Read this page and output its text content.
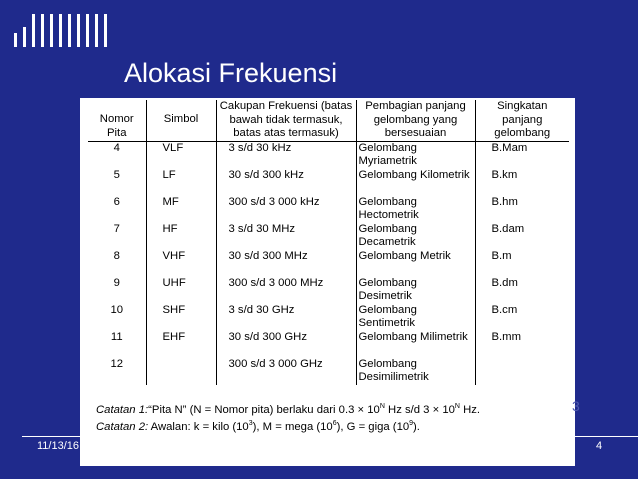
Alokasi Frekuensi
Nomor Pita	Simbol	Cakupan Frekuensi (batas bawah tidak termasuk, batas atas termasuk)	Pembagian panjang gelombang yang bersesuaian	Singkatan panjang gelombang
4	VLF	3 s/d 30 kHz	Gelombang Myriametrik	B.Mam
5	LF	30 s/d 300 kHz	Gelombang Kilometrik	B.km
6	MF	300 s/d 3 000 kHz	Gelombang Hectometrik	B.hm
7	HF	3 s/d 30 MHz	Gelombang Decametrik	B.dam
8	VHF	30 s/d 300 MHz	Gelombang Metrik	B.m
9	UHF	300 s/d 3 000 MHz	Gelombang Desimetrik	B.dm
10	SHF	3 s/d 30 GHz	Gelombang Sentimetrik	B.cm
11	EHF	30 s/d 300 GHz	Gelombang Milimetrik	B.mm
12		300 s/d 3 000 GHz	Gelombang Desimilimetrik	
Catatan 1:“Pita N” (N = Nomor pita) berlaku dari $0.3 \times 10^N$ Hz s/d $3 \times 10^N$ Hz.
Catatan 2: Awalan: k = kilo $(10^3)$, M = mega $(10^6)$, G = giga $(10^9)$.
3
11/13/16	4
